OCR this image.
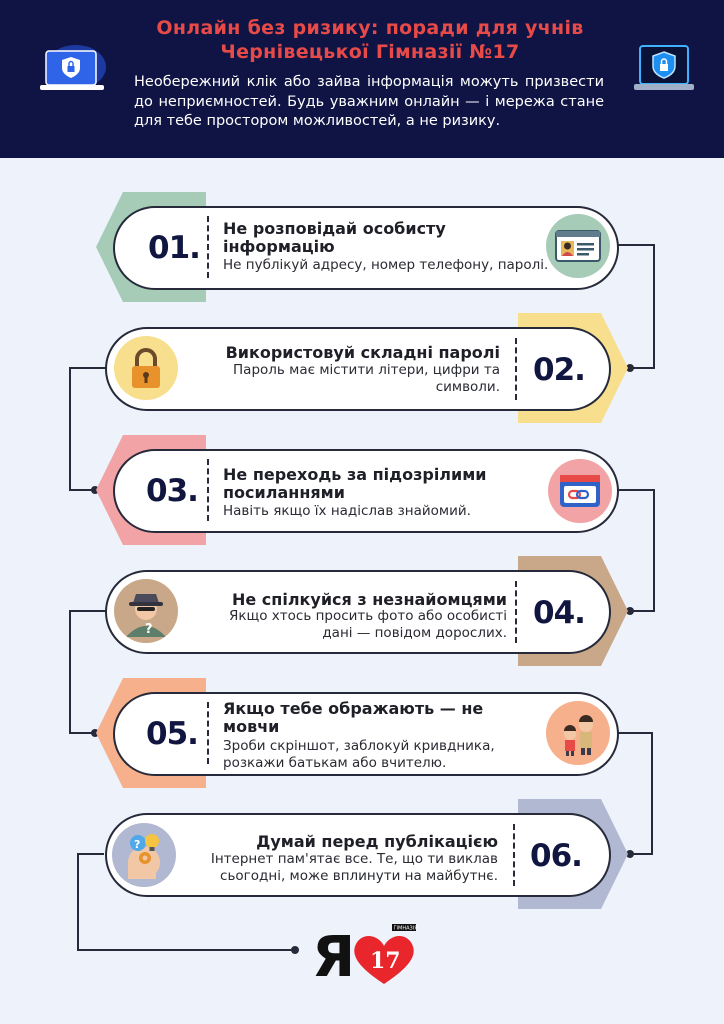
Онлайн без ризику: поради для учнів
Чернівецької Гімназії №17
Необережний клік або зайва інформація можуть призвести до неприємностей. Будь уважним онлайн — і мережа стане для тебе простором можливостей, а не ризику.
01.
Не розповідай особисту інформацію
Не публікуй адресу, номер телефону, паролі.
Використовуй складні паролі
Пароль має містити літери, цифри та символи. 02.
03. Не переходь за підозрілими посиланнями
Навіть якщо їх надіслав знайомий.
?
Не спілкуйся з незнайомцями
Якщо хтось просить фото або особисті дані — повідом дорослих.
04.
05.
Якщо тебе ображають — не мовчи
Зроби скріншот, заблокуй кривдника, розкажи батькам або вчителю.
?	Думай перед публікацією
Інтернет пам'ятає все. Те, що ти виклав сьогодні, може вплинути на майбутнє.
06.
Я 17
ГІМНАЗІЯ
